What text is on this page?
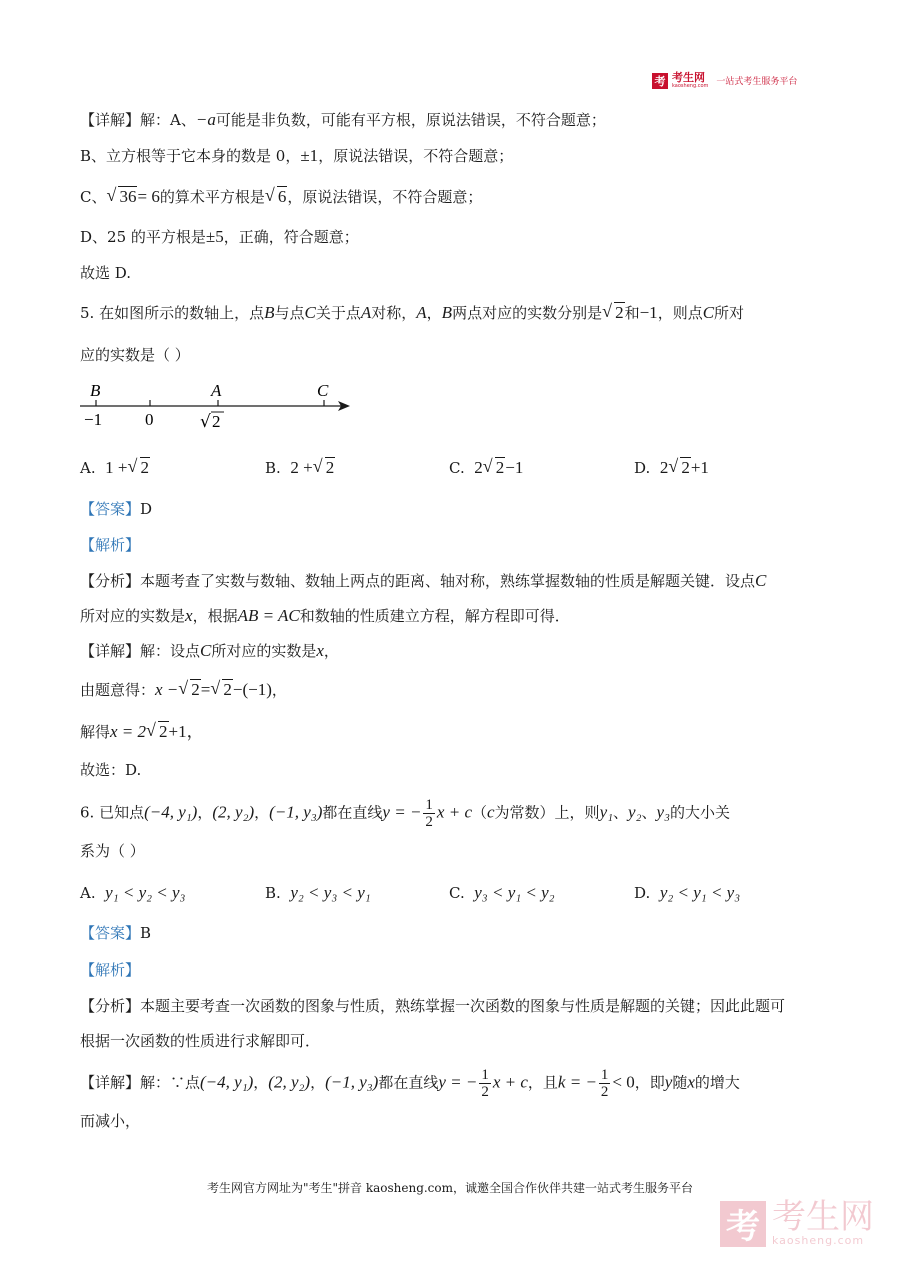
考 考生网
kaosheng.com 一站式考生服务平台
【详解】解：A、−a可能是非负数，可能有平方根，原说法错误，不符合题意；
B、立方根等于它本身的数是 0，±1，原说法错误，不符合题意；
C、 √ 36= 6的算术平方根是 √ 6，原说法错误，不符合题意；
D、25 的平方根是±5，正确，符合题意；
故选 D.
5. 在如图所示的数轴上，点B与点C关于点A对称，A，B两点对应的实数分别是 √ 2和−1，则点C所对
应的实数是（ ）
B	A	C
−1	0	√ 2
A. 1 + √ 2	B. 2 + √ 2	C. 2 √ 2−1	D. 2 √ 2+1
【答案】D
【解析】
【分析】本题考查了实数与数轴、数轴上两点的距离、轴对称，熟练掌握数轴的性质是解题关键．设点C
所对应的实数是x，根据AB = AC和数轴的性质建立方程，解方程即可得．
【详解】解：设点C所对应的实数是x，
由题意得：x − √ 2= √ 2−(−1)，
解得x = 2 √ 2+1，
故选：D.
6. 已知点(−4, y₁)，(2, y₂)，(−1, y₃)都在直线y = − $\frac{1}{2}$ x + c（c为常数）上，则y₁、y₂、y₃的大小关
系为（ ）
A. y₁ < y₂ < y₃	B. y₂ < y₃ < y₁	C. y₃ < y₁ < y₂	D. y₂ < y₁ < y₃
【答案】B
【解析】
【分析】本题主要考查一次函数的图象与性质，熟练掌握一次函数的图象与性质是解题的关键；因此此题可
根据一次函数的性质进行求解即可．
【详解】解：∵点(−4, y₁)，(2, y₂)，(−1, y₃)都在直线y = − $\frac{1}{2}$ x + c，且k = − $\frac{1}{2} < 0$，即y随x的增大
而减小，
考生网官方网址为"考生"拼音 kaosheng.com，诚邀全国合作伙伴共建一站式考生服务平台
考 考生网
kaosheng.com
